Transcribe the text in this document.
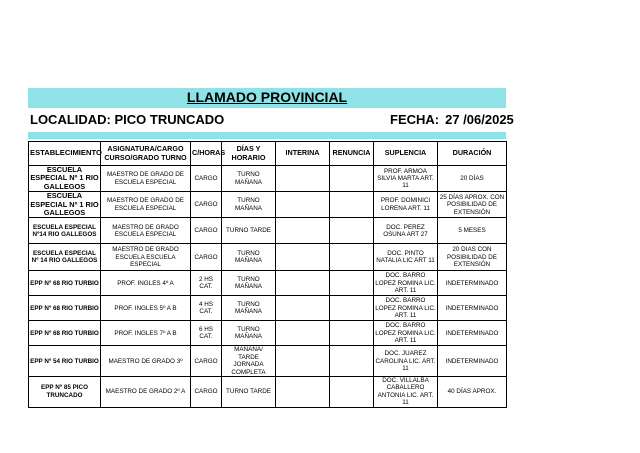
LLAMADO PROVINCIAL
LOCALIDAD: PICO TRUNCADO	FECHA: 27 /06/2025
ESTABLECIMIENTO	ASIGNATURA/CARGO CURSO/GRADO TURNO	C/HORAS	DÍAS Y HORARIO	INTERINA	RENUNCIA	SUPLENCIA	DURACIÓN
ESCUELA ESPECIAL Nº 1 RIO GALLEGOS	MAESTRO DE GRADO DE ESCUELA ESPECIAL	CARGO	TURNO MAÑANA			PROF. ARMOA SILVIA MARTA ART. 11	20 DÍAS
ESCUELA ESPECIAL Nº 1 RIO GALLEGOS	MAESTRO DE GRADO DE ESCUELA ESPECIAL	CARGO	TURNO MAÑANA			PROF. DOMINICI LORENA ART. 11	25 DÍAS APROX. CON POSIBILIDAD DE EXTENSIÓN
ESCUELA ESPECIAL Nº14 RIO GALLEGOS	MAESTRO DE GRADO ESCUELA ESPECIAL	CARGO	TURNO TARDE			DOC. PEREZ OSUNA ART 27	5 MESES
ESCUELA ESPECIAL Nº 14 RIO GALLEGOS	MAESTRO DE GRADO ESCUELA ESCUELA ESPECIAL	CARGO	TURNO MAÑANA			DOC. PINTO NATALIA LIC ART 11	20 DIAS CON POSIBILIDAD DE EXTENSIÓN
EPP Nº 68 RIO TURBIO	PROF. INGLES 4º A	2 HS CAT.	TURNO MAÑANA			DOC. BARRO LOPEZ ROMINA LIC. ART. 11	INDETERMINADO
EPP Nº 68 RIO TURBIO	PROF. INGLES 5º A B	4 HS CAT.	TURNO MAÑANA			DOC. BARRO LOPEZ ROMINA LIC. ART. 11	INDETERMINADO
EPP Nº 68 RIO TURBIO	PROF. INGLES 7º A B	6 HS CAT.	TURNO MAÑANA			DOC. BARRO LOPEZ ROMINA LIC. ART. 11	INDETERMINADO
EPP Nº 54 RIO TURBIO	MAESTRO DE GRADO 3º	CARGO	MAÑANA/ TARDE JORNADA COMPLETA			DOC. JUAREZ CAROLINA LIC. ART. 11	INDETERMINADO
EPP Nº 85 PICO TRUNCADO	MAESTRO DE GRADO 2º A	CARGO	TURNO TARDE			DOC. VILLALBA CABALLERO ANTONIA LIC. ART. 11	40 DÍAS APROX.
